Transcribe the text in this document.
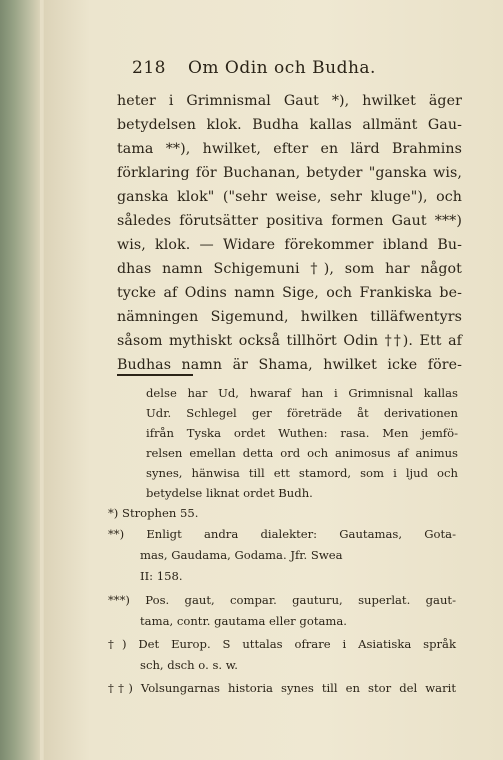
218 Om Odin och Budha.
heter i Grimnismal Gaut *), hwilket äger
betydelsen klok. Budha kallas allmänt Gau-
tama **), hwilket, efter en lärd Brahmins
förklaring för Buchanan, betyder "ganska wis,
ganska klok" ("sehr weise, sehr kluge"), och
således förutsätter positiva formen Gaut ***)
wis, klok. — Widare förekommer ibland Bu-
dhas namn Schigemuni †), som har något
tycke af Odins namn Sige, och Frankiska be-
nämningen Sigemund, hwilken tilläfwentyrs
såsom mythiskt också tillhört Odin ††). Ett af
Budhas namn är Shama, hwilket icke före-
delse har Ud, hwaraf han i Grimnisnal kallas
Udr. Schlegel ger företräde åt derivationen
ifrån Tyska ordet Wuthen: rasa. Men jemfö-
relsen emellan detta ord och animosus af animus
synes, hänwisa till ett stamord, som i ljud och
betydelse liknat ordet Budh.
*) Strophen 55.
**) Enligt andra dialekter: Gautamas, Gota-
mas, Gaudama, Godama. Jfr. Swea
II: 158.
***) Pos. gaut, compar. gauturu, superlat. gaut-
tama, contr. gautama eller gotama.
†) Det Europ. S uttalas ofrare i Asiatiska språk
sch, dsch o. s. w.
††) Volsungarnas historia synes till en stor del warit
